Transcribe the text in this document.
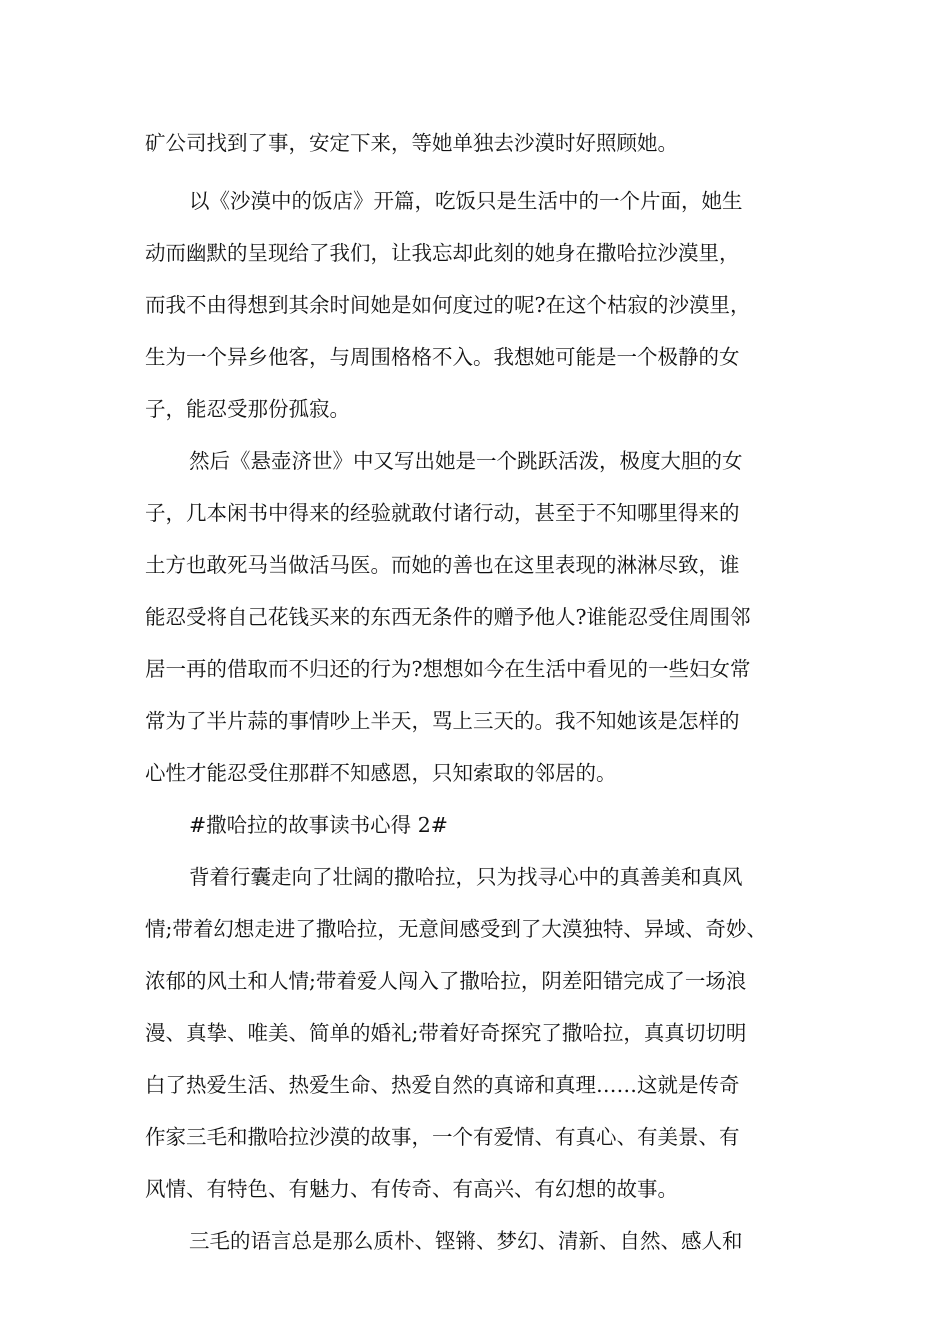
矿公司找到了事，安定下来，等她单独去沙漠时好照顾她。
以《沙漠中的饭店》开篇，吃饭只是生活中的一个片面，她生
动而幽默的呈现给了我们，让我忘却此刻的她身在撒哈拉沙漠里，
而我不由得想到其余时间她是如何度过的呢?在这个枯寂的沙漠里，
生为一个异乡他客，与周围格格不入。我想她可能是一个极静的女
子，能忍受那份孤寂。
然后《悬壶济世》中又写出她是一个跳跃活泼，极度大胆的女
子，几本闲书中得来的经验就敢付诸行动，甚至于不知哪里得来的
土方也敢死马当做活马医。而她的善也在这里表现的淋淋尽致，谁
能忍受将自己花钱买来的东西无条件的赠予他人?谁能忍受住周围邻
居一再的借取而不归还的行为?想想如今在生活中看见的一些妇女常
常为了半片蒜的事情吵上半天，骂上三天的。我不知她该是怎样的
心性才能忍受住那群不知感恩，只知索取的邻居的。
#撒哈拉的故事读书心得 2#
背着行囊走向了壮阔的撒哈拉，只为找寻心中的真善美和真风
情;带着幻想走进了撒哈拉，无意间感受到了大漠独特、异域、奇妙、
浓郁的风土和人情;带着爱人闯入了撒哈拉，阴差阳错完成了一场浪
漫、真挚、唯美、简单的婚礼;带着好奇探究了撒哈拉，真真切切明
白了热爱生活、热爱生命、热爱自然的真谛和真理……这就是传奇
作家三毛和撒哈拉沙漠的故事，一个有爱情、有真心、有美景、有
风情、有特色、有魅力、有传奇、有高兴、有幻想的故事。
三毛的语言总是那么质朴、铿锵、梦幻、清新、自然、感人和
